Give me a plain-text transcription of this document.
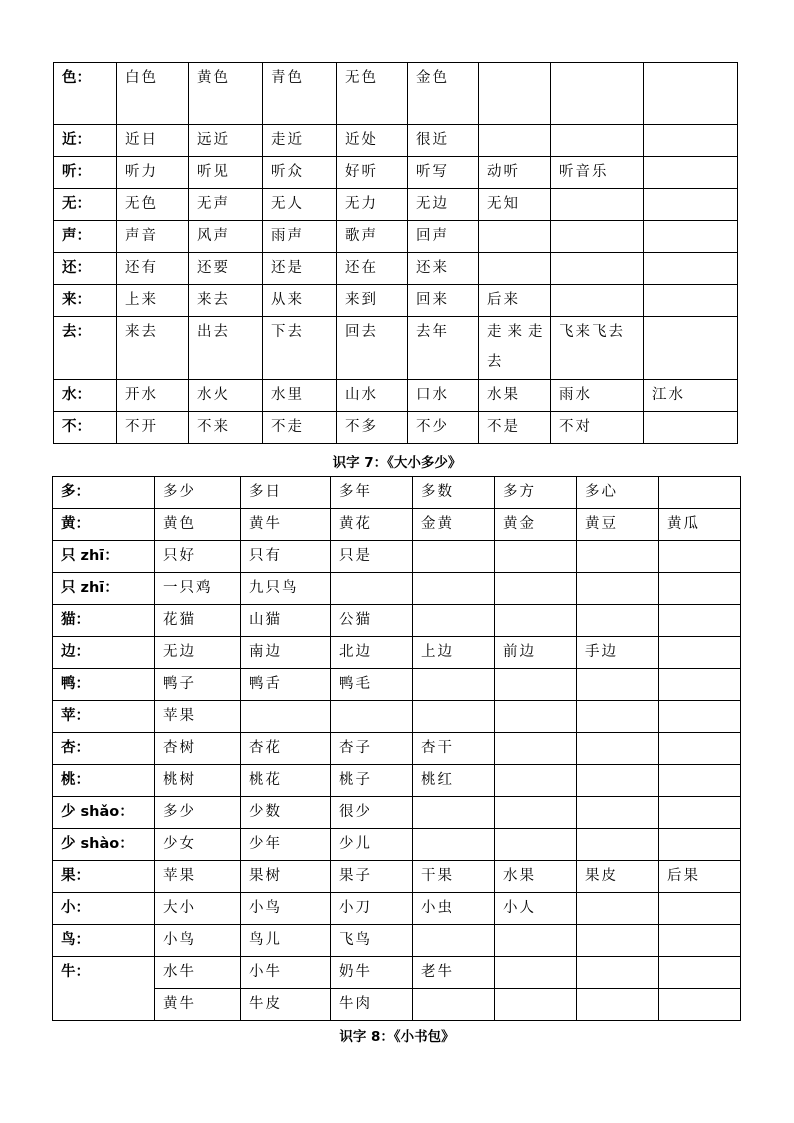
色：	白色	黄色	青色	无色	金色			
近：	近日	远近	走近	近处	很近			
听：	听力	听见	听众	好听	听写	动听	听音乐	
无：	无色	无声	无人	无力	无边	无知		
声：	声音	风声	雨声	歌声	回声			
还：	还有	还要	还是	还在	还来			
来：	上来	来去	从来	来到	回来	后来		
去：	来去	出去	下去	回去	去年	走来走去	飞来飞去	
水：	开水	水火	水里	山水	口水	水果	雨水	江水
不：	不开	不来	不走	不多	不少	不是	不对	
识字 7：《大小多少》
多：	多少	多日	多年	多数	多方	多心	
黄：	黄色	黄牛	黄花	金黄	黄金	黄豆	黄瓜
只 zhī：	只好	只有	只是				
只 zhī：	一只鸡	九只鸟					
猫：	花猫	山猫	公猫				
边：	无边	南边	北边	上边	前边	手边	
鸭：	鸭子	鸭舌	鸭毛				
苹：	苹果						
杏：	杏树	杏花	杏子	杏干			
桃：	桃树	桃花	桃子	桃红			
少 shǎo：	多少	少数	很少				
少 shào：	少女	少年	少儿				
果：	苹果	果树	果子	干果	水果	果皮	后果
小：	大小	小鸟	小刀	小虫	小人		
鸟：	小鸟	鸟儿	飞鸟				
牛：	水牛	小牛	奶牛	老牛			
	黄牛	牛皮	牛肉				
识字 8：《小书包》
